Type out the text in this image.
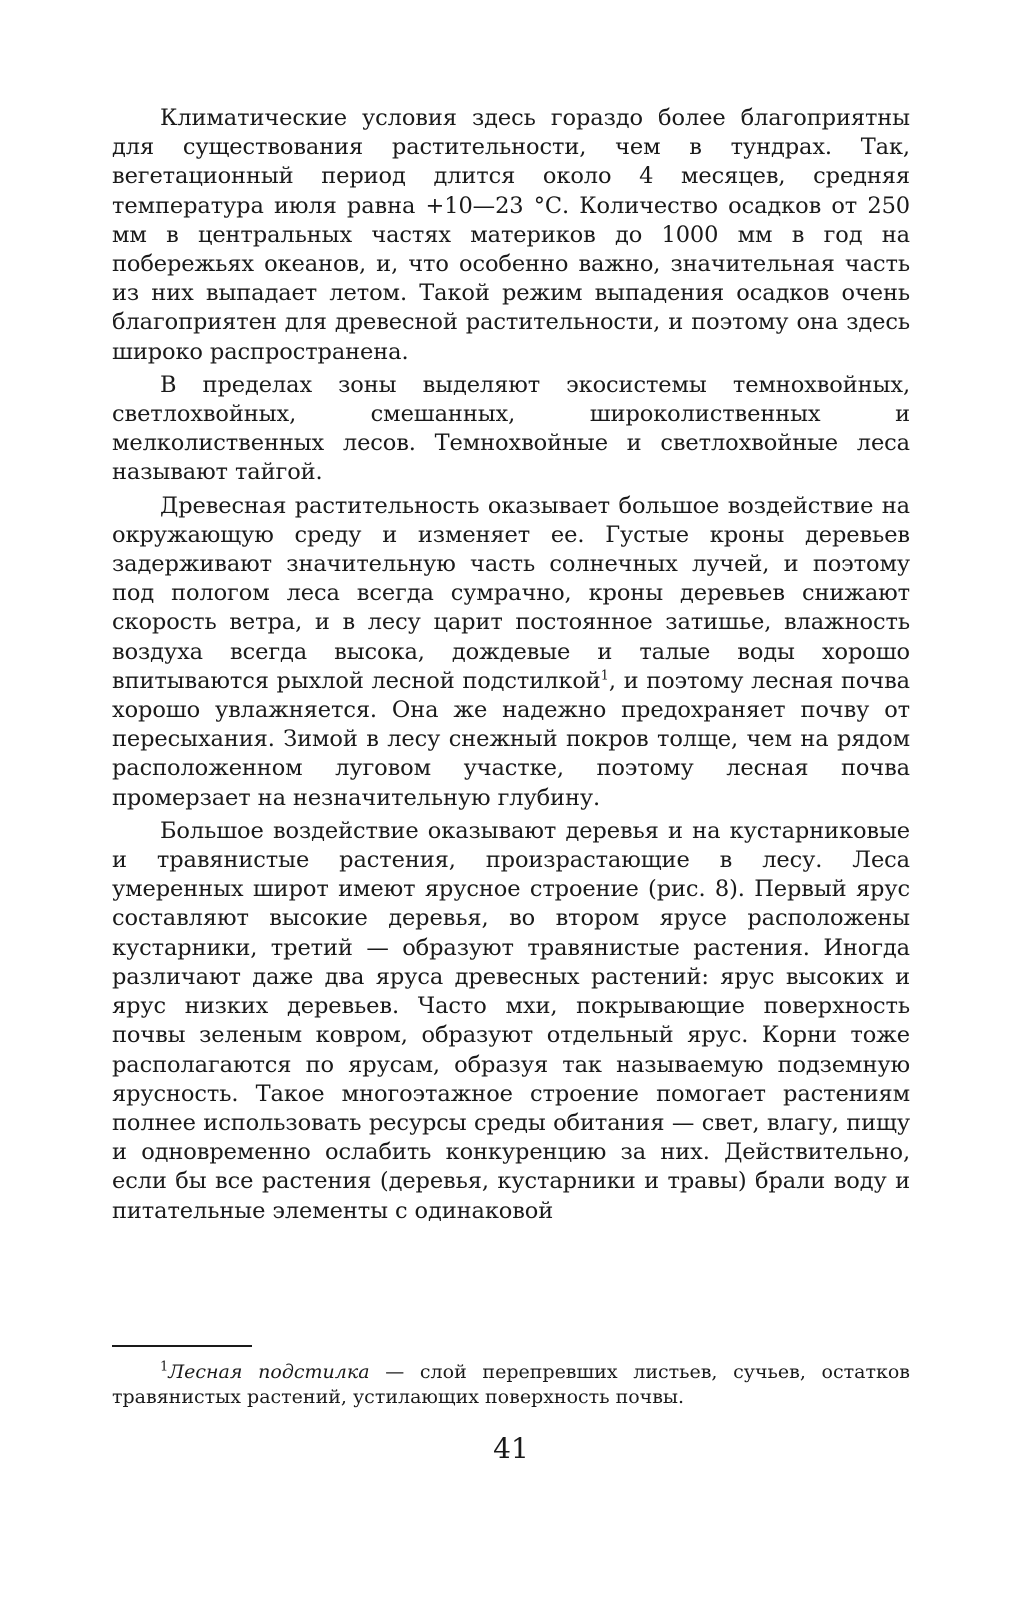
Климатические условия здесь гораздо более благоприятны для существования растительности, чем в тундрах. Так, вегетационный период длится около 4 месяцев, средняя температура июля равна +10—23 °С. Количество осадков от 250 мм в центральных частях материков до 1000 мм в год на побережьях океанов, и, что особенно важно, значительная часть из них выпадает летом. Такой режим выпадения осадков очень благоприятен для древесной растительности, и поэтому она здесь широко распространена.

В пределах зоны выделяют экосистемы темнохвойных, светлохвойных, смешанных, широколиственных и мелколиственных лесов. Темнохвойные и светлохвойные леса называют тайгой.

Древесная растительность оказывает большое воздействие на окружающую среду и изменяет ее. Густые кроны деревьев задерживают значительную часть солнечных лучей, и поэтому под пологом леса всегда сумрачно, кроны деревьев снижают скорость ветра, и в лесу царит постоянное затишье, влажность воздуха всегда высока, дождевые и талые воды хорошо впитываются рыхлой лесной подстилкой$^1$, и поэтому лесная почва хорошо увлажняется. Она же надежно предохраняет почву от пересыхания. Зимой в лесу снежный покров толще, чем на рядом расположенном луговом участке, поэтому лесная почва промерзает на незначительную глубину.

Большое воздействие оказывают деревья и на кустарниковые и травянистые растения, произрастающие в лесу. Леса умеренных широт имеют ярусное строение (рис. 8). Первый ярус составляют высокие деревья, во втором ярусе расположены кустарники, третий — образуют травянистые растения. Иногда различают даже два яруса древесных растений: ярус высоких и ярус низких деревьев. Часто мхи, покрывающие поверхность почвы зеленым ковром, образуют отдельный ярус. Корни тоже располагаются по ярусам, образуя так называемую подземную ярусность. Такое многоэтажное строение помогает растениям полнее использовать ресурсы среды обитания — свет, влагу, пищу и одновременно ослабить конкуренцию за них. Действительно, если бы все растения (деревья, кустарники и травы) брали воду и питательные элементы с одинаковой

$^1$Лесная подстилка — слой перепревших листьев, сучьев, остатков травянистых растений, устилающих поверхность почвы.
41
